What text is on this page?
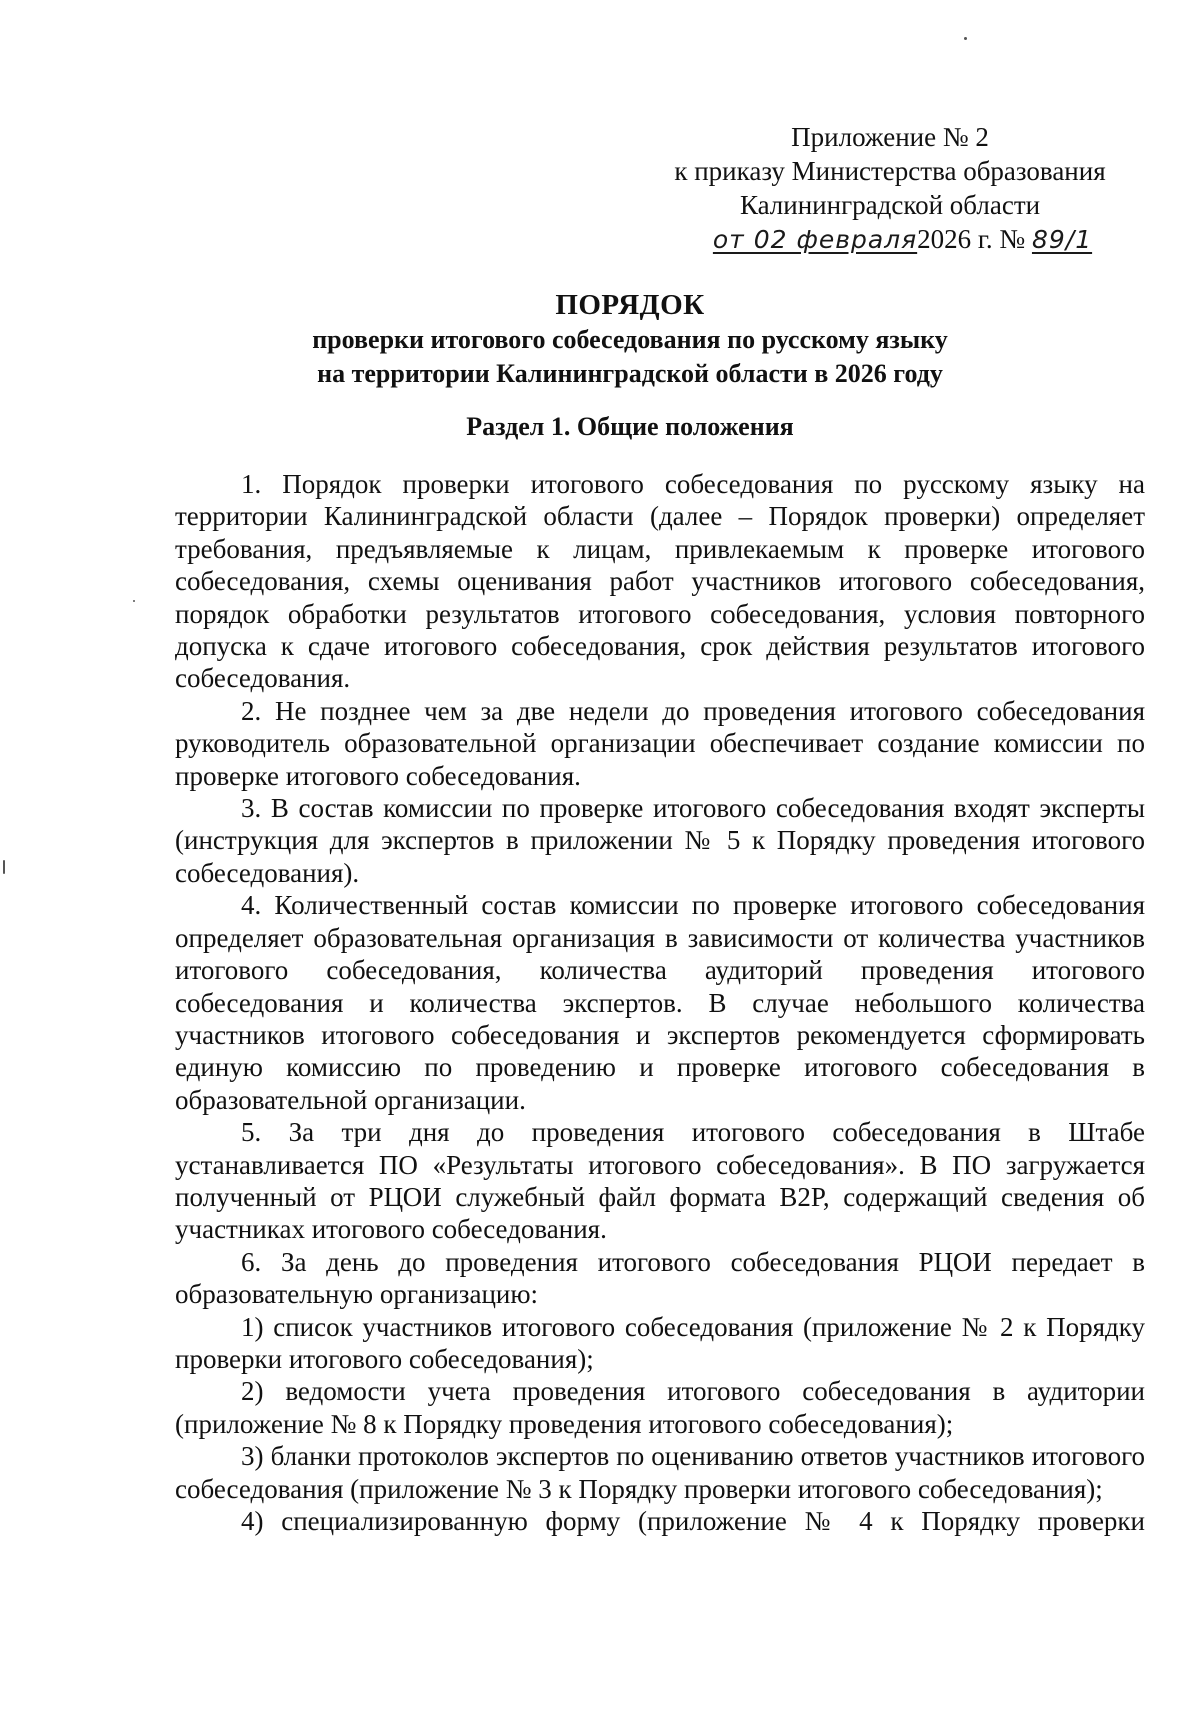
Приложение № 2
к приказу Министерства образования
Калининградской области
от 02 февраля2026 г. № 89/1
ПОРЯДОК
проверки итогового собеседования по русскому языку
на территории Калининградской области в 2026 году
Раздел 1. Общие положения

1. Порядок проверки итогового собеседования по русскому языку на территории Калининградской области (далее – Порядок проверки) определяет требования, предъявляемые к лицам, привлекаемым к проверке итогового собеседования, схемы оценивания работ участников итогового собеседования, порядок обработки результатов итогового собеседования, условия повторного допуска к сдаче итогового собеседования, срок действия результатов итогового собеседования.

2. Не позднее чем за две недели до проведения итогового собеседования руководитель образовательной организации обеспечивает создание комиссии по проверке итогового собеседования.

3. В состав комиссии по проверке итогового собеседования входят эксперты (инструкция для экспертов в приложении № 5 к Порядку проведения итогового собеседования).

4. Количественный состав комиссии по проверке итогового собеседования определяет образовательная организация в зависимости от количества участников итогового собеседования, количества аудиторий проведения итогового собеседования и количества экспертов. В случае небольшого количества участников итогового собеседования и экспертов рекомендуется сформировать единую комиссию по проведению и проверке итогового собеседования в образовательной организации.

5. За три дня до проведения итогового собеседования в Штабе устанавливается ПО «Результаты итогового собеседования». В ПО загружается полученный от РЦОИ служебный файл формата B2P, содержащий сведения об участниках итогового собеседования.

6. За день до проведения итогового собеседования РЦОИ передает в образовательную организацию:

1) список участников итогового собеседования (приложение № 2 к Порядку проверки итогового собеседования);

2) ведомости учета проведения итогового собеседования в аудитории (приложение № 8 к Порядку проведения итогового собеседования);

3) бланки протоколов экспертов по оцениванию ответов участников итогового собеседования (приложение № 3 к Порядку проверки итогового собеседования);

4) специализированную форму (приложение № 4 к Порядку проверки
